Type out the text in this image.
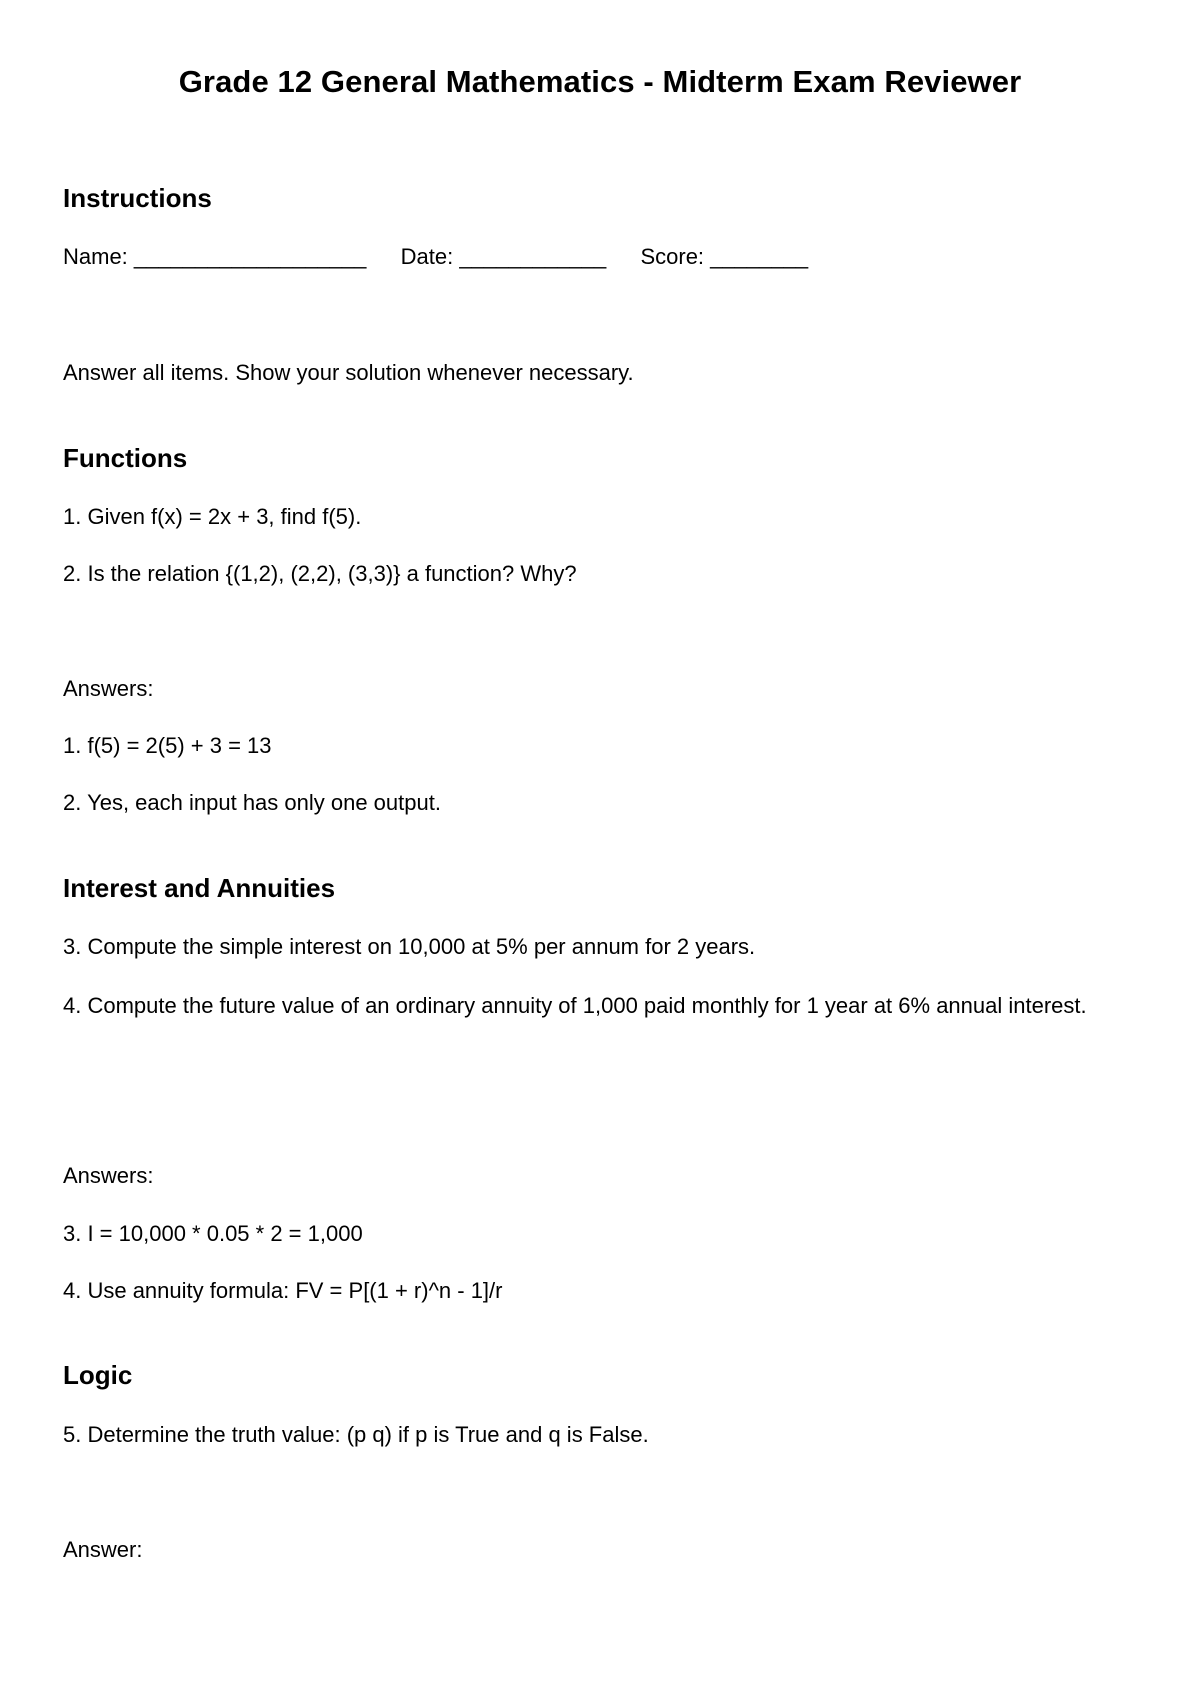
Grade 12 General Mathematics - Midterm Exam Reviewer
Instructions
Name: ___________________ Date: ____________ Score: ________
Answer all items. Show your solution whenever necessary.
Functions
1. Given f(x) = 2x + 3, find f(5).
2. Is the relation {(1,2), (2,2), (3,3)} a function? Why?
Answers:
1. f(5) = 2(5) + 3 = 13
2. Yes, each input has only one output.
Interest and Annuities
3. Compute the simple interest on 10,000 at 5% per annum for 2 years.
4. Compute the future value of an ordinary annuity of 1,000 paid monthly for 1 year at 6% annual interest.
Answers:
3. I = 10,000 * 0.05 * 2 = 1,000
4. Use annuity formula: FV = P[(1 + r)^n - 1]/r
Logic
5. Determine the truth value: (p q) if p is True and q is False.
Answer:
